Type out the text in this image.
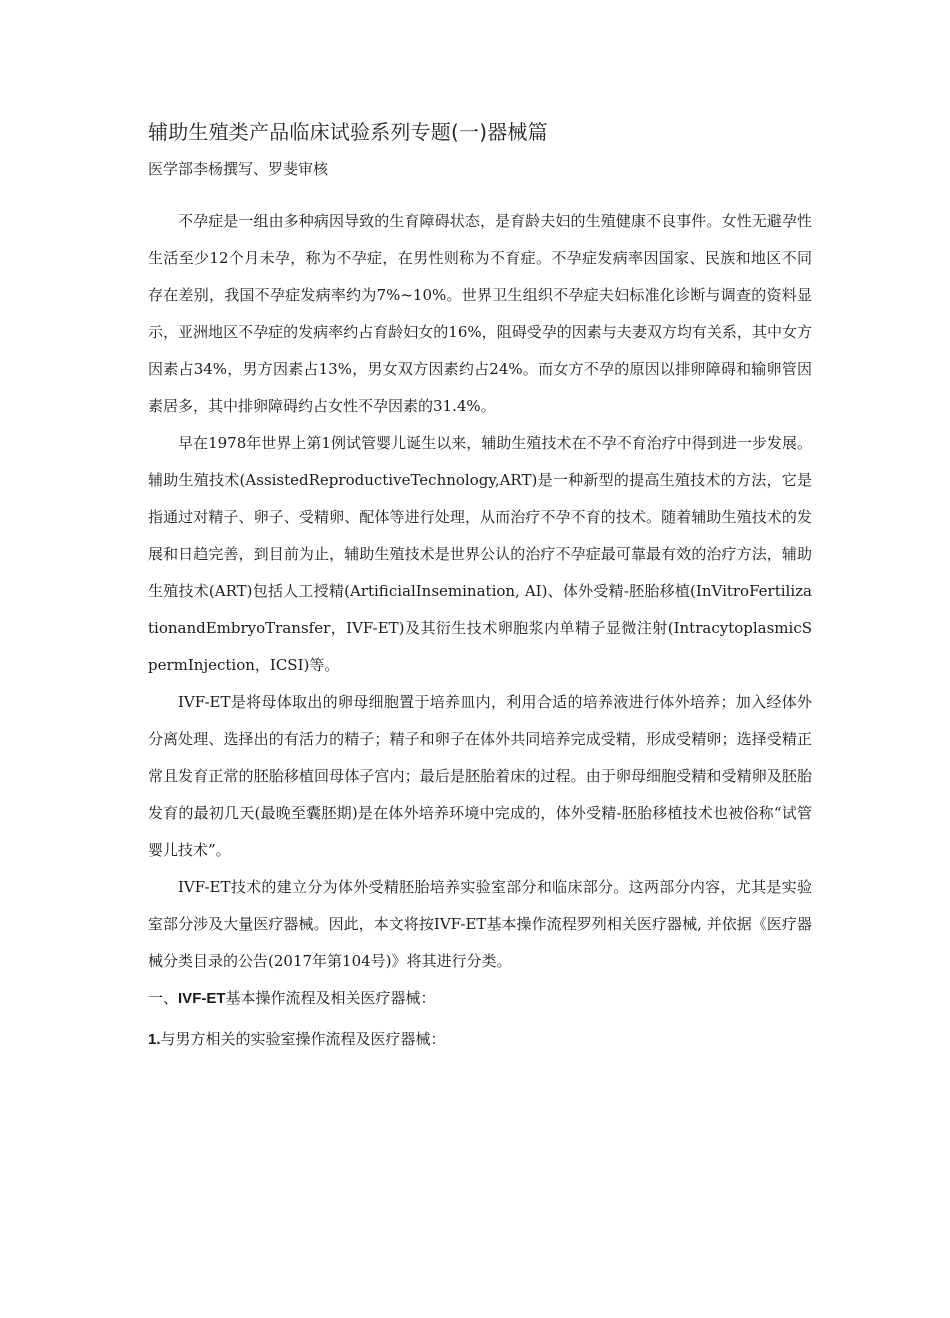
辅助生殖类产品临床试验系列专题(一)器械篇
医学部李杨撰写、罗斐审核

不孕症是一组由多种病因导致的生育障碍状态，是育龄夫妇的生殖健康不良事件。女性无避孕性生活至少12个月未孕，称为不孕症，在男性则称为不育症。不孕症发病率因国家、民族和地区不同存在差别，我国不孕症发病率约为7%~10%。世界卫生组织不孕症夫妇标准化诊断与调查的资料显示，亚洲地区不孕症的发病率约占育龄妇女的16%，阻碍受孕的因素与夫妻双方均有关系，其中女方因素占34%，男方因素占13%，男女双方因素约占24%。而女方不孕的原因以排卵障碍和输卵管因素居多，其中排卵障碍约占女性不孕因素的31.4%。

早在1978年世界上第1例试管婴儿诞生以来，辅助生殖技术在不孕不育治疗中得到进一步发展。辅助生殖技术(AssistedReproductiveTechnology,ART)是一种新型的提高生殖技术的方法，它是指通过对精子、卵子、受精卵、配体等进行处理，从而治疗不孕不育的技术。随着辅助生殖技术的发展和日趋完善，到目前为止，辅助生殖技术是世界公认的治疗不孕症最可靠最有效的治疗方法，辅助生殖技术(ART)包括人工授精(ArtificialInsemination, AI)、体外受精-胚胎移植(InVitroFertilizationandEmbryoTransfer，IVF-ET)及其衍生技术卵胞浆内单精子显微注射(IntracytoplasmicSpermInjection，ICSI)等。

IVF-ET是将母体取出的卵母细胞置于培养皿内，利用合适的培养液进行体外培养；加入经体外分离处理、选择出的有活力的精子；精子和卵子在体外共同培养完成受精，形成受精卵；选择受精正常且发育正常的胚胎移植回母体子宫内；最后是胚胎着床的过程。由于卵母细胞受精和受精卵及胚胎发育的最初几天(最晚至囊胚期)是在体外培养环境中完成的，体外受精-胚胎移植技术也被俗称“试管婴儿技术”。

IVF-ET技术的建立分为体外受精胚胎培养实验室部分和临床部分。这两部分内容，尤其是实验室部分涉及大量医疗器械。因此，本文将按IVF-ET基本操作流程罗列相关医疗器械, 并依据《医疗器械分类目录的公告(2017年第104号)》将其进行分类。

一、IVF-ET基本操作流程及相关医疗器械：
1.与男方相关的实验室操作流程及医疗器械：
